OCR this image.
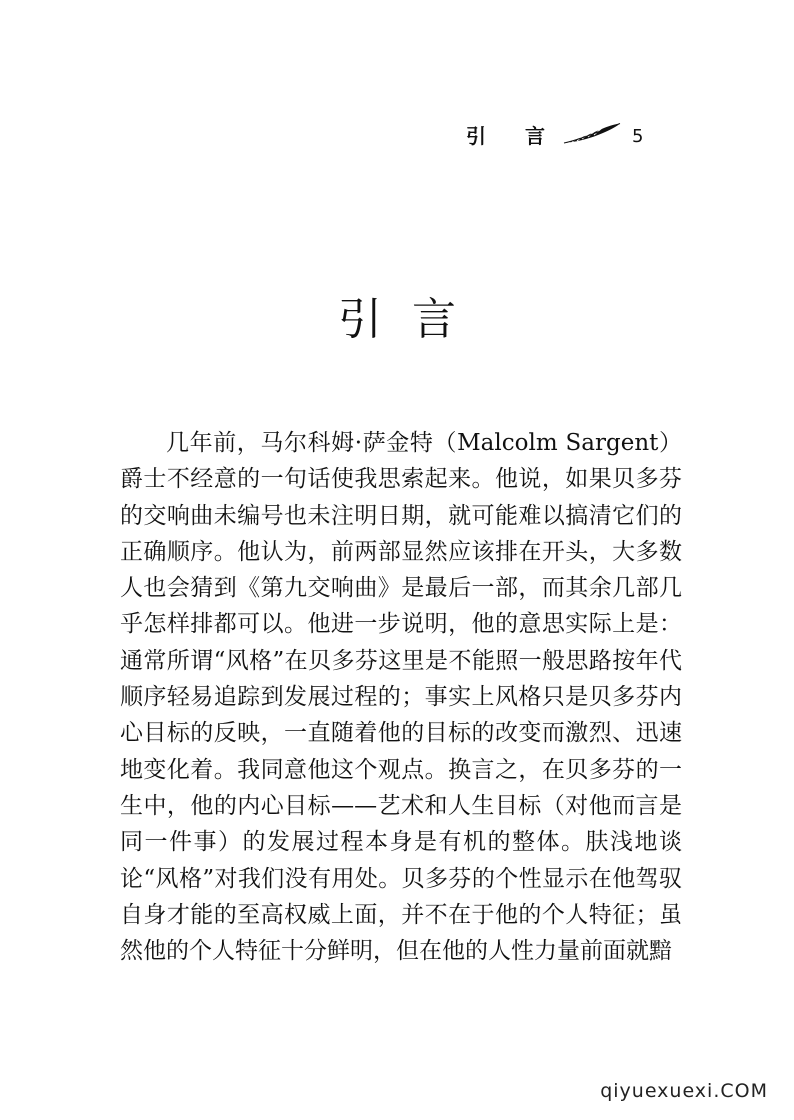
引 言	5
引言

几年前，马尔科姆·萨金特（Malcolm Sargent）爵士不经意的一句话使我思索起来。他说，如果贝多芬的交响曲未编号也未注明日期，就可能难以搞清它们的正确顺序。他认为，前两部显然应该排在开头，大多数人也会猜到《第九交响曲》是最后一部，而其余几部几乎怎样排都可以。他进一步说明，他的意思实际上是：通常所谓“风格”在贝多芬这里是不能照一般思路按年代顺序轻易追踪到发展过程的；事实上风格只是贝多芬内心目标的反映，一直随着他的目标的改变而激烈、迅速地变化着。我同意他这个观点。换言之，在贝多芬的一生中，他的内心目标——艺术和人生目标（对他而言是同一件事）的发展过程本身是有机的整体。肤浅地谈论“风格”对我们没有用处。贝多芬的个性显示在他驾驭自身才能的至高权威上面，并不在于他的个人特征；虽然他的个人特征十分鲜明，但在他的人性力量前面就黯

qiyuexuexi.COM
